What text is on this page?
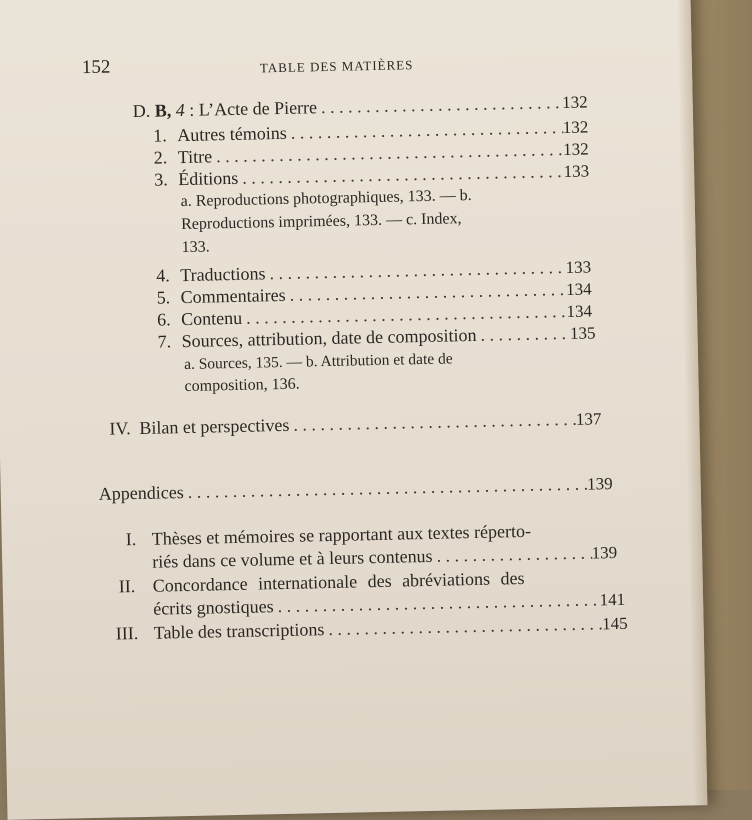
152	TABLE DES MATIÈRES
D. B, 4 : L’Acte de Pierre . . .	132
1. Autres témoins . . .	132
2. Titre . . .	132
3. Éditions . . .	133
a. Reproductions photographiques, 133. — b.
Reproductions imprimées, 133. — c. Index,
133.
4. Traductions . . .	133
5. Commentaires . . .	134
6. Contenu . . .	134
7. Sources, attribution, date de composition . . .	135
a. Sources, 135. — b. Attribution et date de
composition, 136.
IV. Bilan et perspectives . . .	137
Appendices . . .	139
I. Thèses et mémoires se rapportant aux textes réperto-
riés dans ce volume et à leurs contenus . . .	139
II. Concordance internationale des abréviations des
écrits gnostiques . . .	141
III. Table des transcriptions . . .	145
